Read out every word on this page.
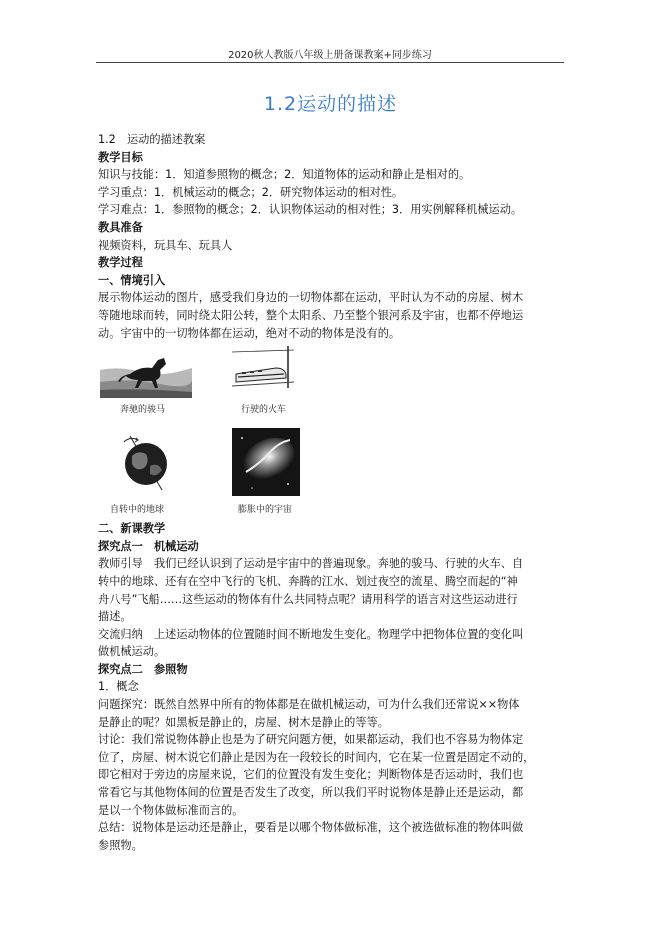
2020秋人教版八年级上册备课教案+同步练习
1.2运动的描述

1.2　运动的描述教案

教学目标

知识与技能：1．知道参照物的概念；2．知道物体的运动和静止是相对的。

学习重点：1．机械运动的概念；2．研究物体运动的相对性。

学习难点：1．参照物的概念；2．认识物体运动的相对性；3．用实例解释机械运动。

教具准备

视频资料，玩具车、玩具人

教学过程

一、情境引入

展示物体运动的图片，感受我们身边的一切物体都在运动，平时认为不动的房屋、树木

等随地球而转，同时绕太阳公转，整个太阳系、乃至整个银河系及宇宙，也都不停地运

动。宇宙中的一切物体都在运动，绝对不动的物体是没有的。

奔驰的骏马	行驶的火车
自转中的地球	膨胀中的宇宙

二、新课教学

探究点一　机械运动

教师引导　我们已经认识到了运动是宇宙中的普遍现象。奔驰的骏马、行驶的火车、自

转中的地球、还有在空中飞行的飞机、奔腾的江水、划过夜空的流星、腾空而起的“神

舟八号”飞船……这些运动的物体有什么共同特点呢？请用科学的语言对这些运动进行

描述。

交流归纳　上述运动物体的位置随时间不断地发生变化。物理学中把物体位置的变化叫

做机械运动。

探究点二　参照物

1．概念

问题探究：既然自然界中所有的物体都是在做机械运动，可为什么我们还常说××物体

是静止的呢？如黑板是静止的，房屋、树木是静止的等等。

讨论：我们常说物体静止也是为了研究问题方便，如果都运动，我们也不容易为物体定

位了，房屋、树木说它们静止是因为在一段较长的时间内，它在某一位置是固定不动的，

即它相对于旁边的房屋来说，它们的位置没有发生变化；判断物体是否运动时，我们也

常看它与其他物体间的位置是否发生了改变，所以我们平时说物体是静止还是运动，都

是以一个物体做标准而言的。

总结：说物体是运动还是静止，要看是以哪个物体做标准，这个被选做标准的物体叫做

参照物。
